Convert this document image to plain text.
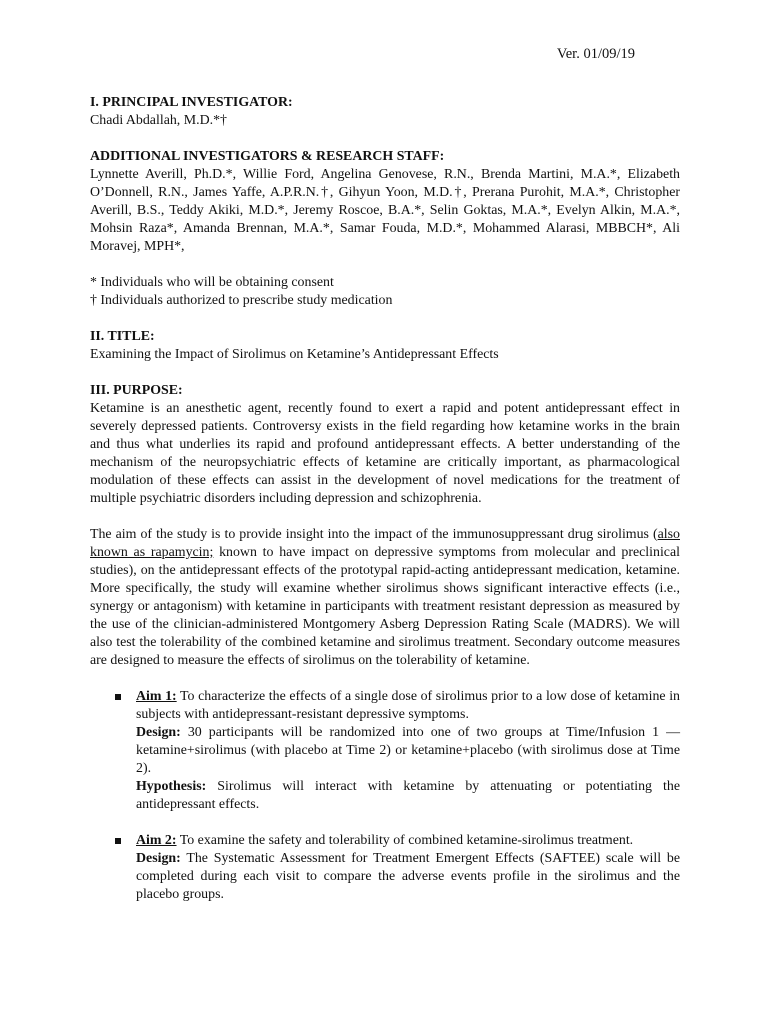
Ver. 01/09/19
I. PRINCIPAL INVESTIGATOR:
Chadi Abdallah, M.D.*†
ADDITIONAL INVESTIGATORS & RESEARCH STAFF:

Lynnette Averill, Ph.D.*, Willie Ford, Angelina Genovese, R.N., Brenda Martini, M.A.*, Elizabeth O’Donnell, R.N., James Yaffe, A.P.R.N.†, Gihyun Yoon, M.D.†, Prerana Purohit, M.A.*, Christopher Averill, B.S., Teddy Akiki, M.D.*, Jeremy Roscoe, B.A.*, Selin Goktas, M.A.*, Evelyn Alkin, M.A.*, Mohsin Raza*, Amanda Brennan, M.A.*, Samar Fouda, M.D.*, Mohammed Alarasi, MBBCH*, Ali Moravej, MPH*,

* Individuals who will be obtaining consent
† Individuals authorized to prescribe study medication
II. TITLE:
Examining the Impact of Sirolimus on Ketamine’s Antidepressant Effects
III. PURPOSE:

Ketamine is an anesthetic agent, recently found to exert a rapid and potent antidepressant effect in severely depressed patients. Controversy exists in the field regarding how ketamine works in the brain and thus what underlies its rapid and profound antidepressant effects. A better understanding of the mechanism of the neuropsychiatric effects of ketamine are critically important, as pharmacological modulation of these effects can assist in the development of novel medications for the treatment of multiple psychiatric disorders including depression and schizophrenia.

The aim of the study is to provide insight into the impact of the immunosuppressant drug sirolimus (also known as rapamycin; known to have impact on depressive symptoms from molecular and preclinical studies), on the antidepressant effects of the prototypal rapid-acting antidepressant medication, ketamine. More specifically, the study will examine whether sirolimus shows significant interactive effects (i.e., synergy or antagonism) with ketamine in participants with treatment resistant depression as measured by the use of the clinician-administered Montgomery Asberg Depression Rating Scale (MADRS). We will also test the tolerability of the combined ketamine and sirolimus treatment. Secondary outcome measures are designed to measure the effects of sirolimus on the tolerability of ketamine.

Aim 1: To characterize the effects of a single dose of sirolimus prior to a low dose of ketamine in subjects with antidepressant-resistant depressive symptoms.
Design: 30 participants will be randomized into one of two groups at Time/Infusion 1 — ketamine+sirolimus (with placebo at Time 2) or ketamine+placebo (with sirolimus dose at Time 2).
Hypothesis: Sirolimus will interact with ketamine by attenuating or potentiating the antidepressant effects.
Aim 2: To examine the safety and tolerability of combined ketamine-sirolimus treatment.
Design: The Systematic Assessment for Treatment Emergent Effects (SAFTEE) scale will be completed during each visit to compare the adverse events profile in the sirolimus and the placebo groups.
